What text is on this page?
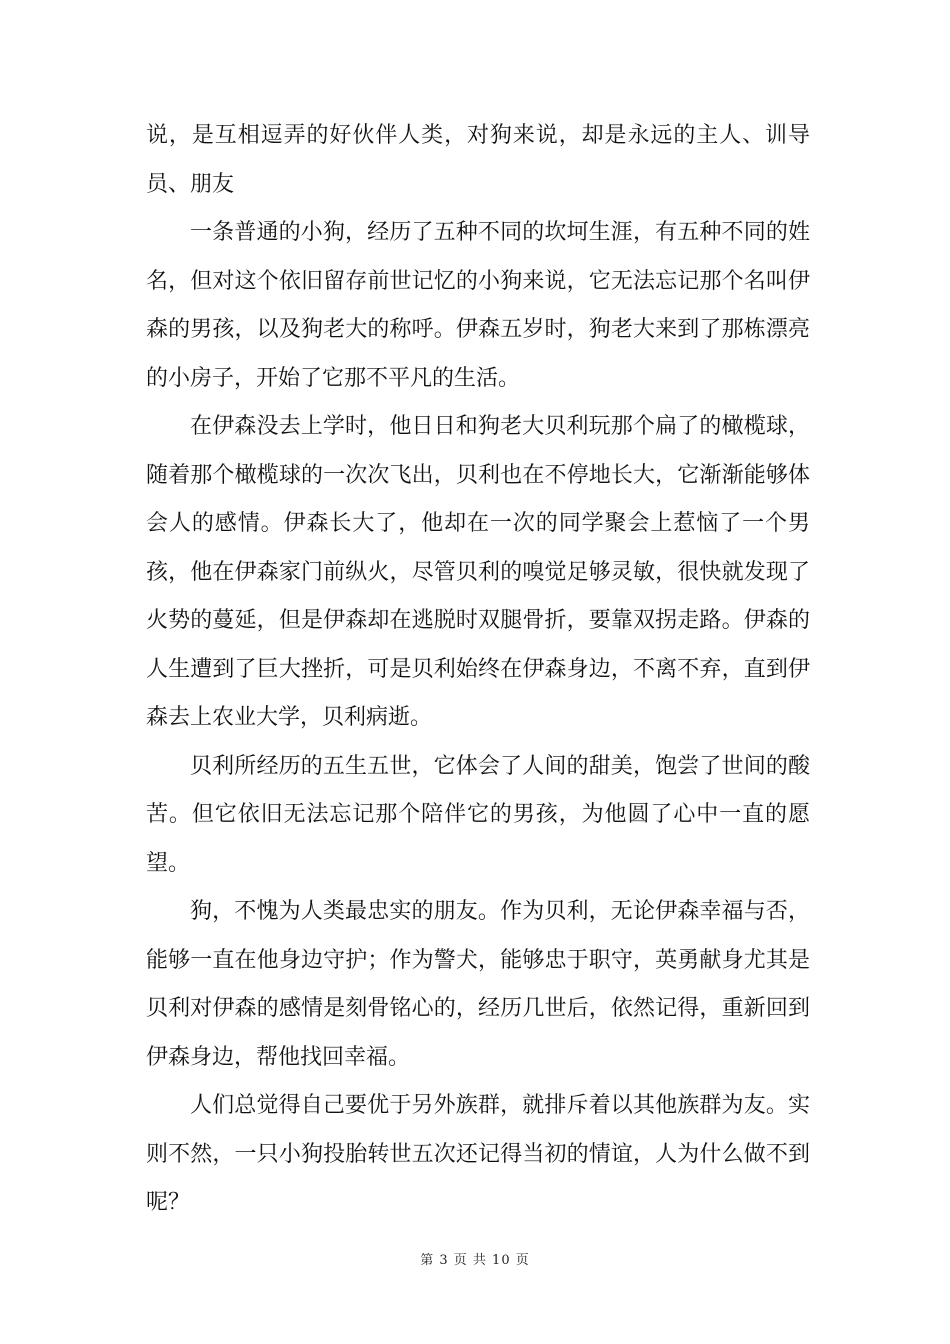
说，是互相逗弄的好伙伴人类，对狗来说，却是永远的主人、训导员、朋友

一条普通的小狗，经历了五种不同的坎坷生涯，有五种不同的姓名，但对这个依旧留存前世记忆的小狗来说，它无法忘记那个名叫伊森的男孩，以及狗老大的称呼。伊森五岁时，狗老大来到了那栋漂亮的小房子，开始了它那不平凡的生活。

在伊森没去上学时，他日日和狗老大贝利玩那个扁了的橄榄球，随着那个橄榄球的一次次飞出，贝利也在不停地长大，它渐渐能够体会人的感情。伊森长大了，他却在一次的同学聚会上惹恼了一个男孩，他在伊森家门前纵火，尽管贝利的嗅觉足够灵敏，很快就发现了火势的蔓延，但是伊森却在逃脱时双腿骨折，要靠双拐走路。伊森的人生遭到了巨大挫折，可是贝利始终在伊森身边，不离不弃，直到伊森去上农业大学，贝利病逝。

贝利所经历的五生五世，它体会了人间的甜美，饱尝了世间的酸苦。但它依旧无法忘记那个陪伴它的男孩，为他圆了心中一直的愿望。

狗，不愧为人类最忠实的朋友。作为贝利，无论伊森幸福与否，能够一直在他身边守护；作为警犬，能够忠于职守，英勇献身尤其是贝利对伊森的感情是刻骨铭心的，经历几世后，依然记得，重新回到伊森身边，帮他找回幸福。

人们总觉得自己要优于另外族群，就排斥着以其他族群为友。实则不然，一只小狗投胎转世五次还记得当初的情谊，人为什么做不到呢？

第 3 页 共 10 页
